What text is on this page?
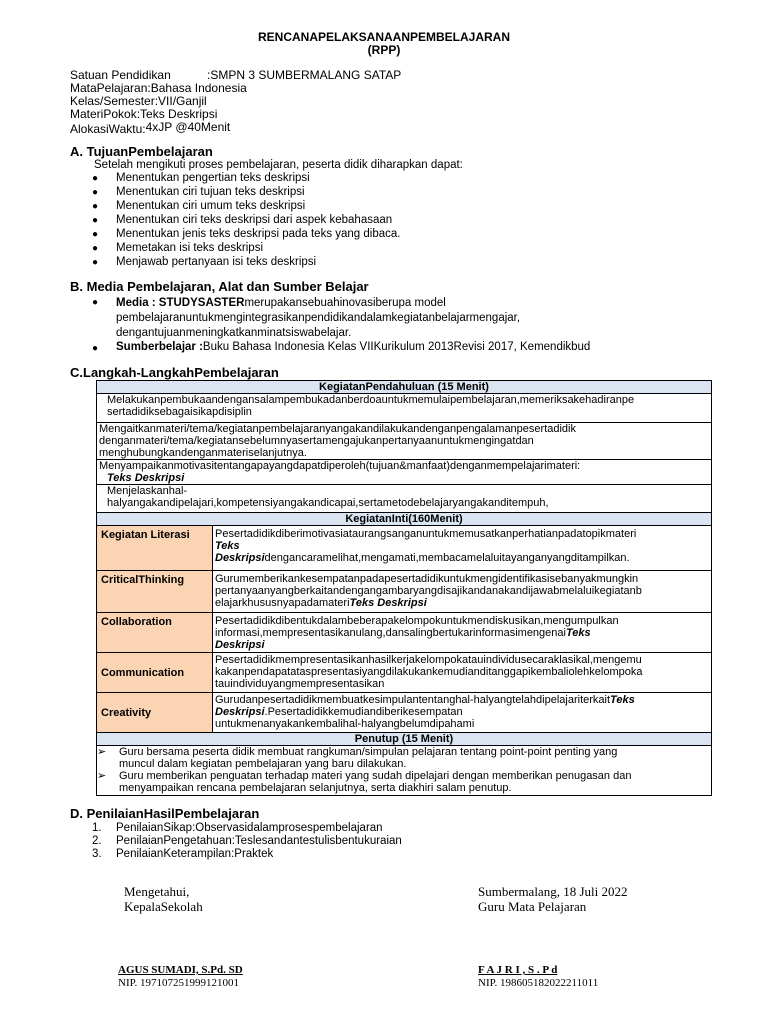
RENCANAPELAKSANAANPEMBELAJARAN
(RPP)
Satuan Pendidikan	:SMPN 3 SUMBERMALANG SATAP
MataPelajaran:Bahasa Indonesia
Kelas/Semester:VII/Ganjil
MateriPokok:Teks Deskripsi
AlokasiWaktu:4xJP @40Menit
A. TujuanPembelajaran
Setelah mengikuti proses pembelajaran, peserta didik diharapkan dapat:
● Menentukan pengertian teks deskripsi
● Menentukan ciri tujuan teks deskripsi
● Menentukan ciri umum teks deskripsi
● Menentukan ciri teks deskripsi dari aspek kebahasaan
● Menentukan jenis teks deskripsi pada teks yang dibaca.
● Memetakan isi teks deskripsi
● Menjawab pertanyaan isi teks deskripsi
B. Media Pembelajaran, Alat dan Sumber Belajar
● Media : STUDYSASTERmerupakansebuahinovasiberupa model
pembelajaranuntukmengintegrasikanpendidikandalamkegiatanbelajarmengajar,
dengantujuanmeningkatkanminatsiswabelajar.
● Sumberbelajar :Buku Bahasa Indonesia Kelas VIIKurikulum 2013Revisi 2017, Kemendikbud
C.Langkah-LangkahPembelajaran
KegiatanPendahuluan (15 Menit)	

Melakukanpembukaandengansalampembukadanberdoauntukmemulaipembelajaran,memeriksakehadiranpe
sertadidiksebagaisikapdisiplin	

Mengaitkanmateri/tema/kegiatanpembelajaranyangakandilakukandenganpengalamanpesertadidik
denganmateri/tema/kegiatansebelumnyasertamengajukanpertanyaanuntukmengingatdan
menghubungkandenganmateriselanjutnya.	

Menyampaikanmotivasitentangapayangdapatdiperoleh(tujuan&manfaat)denganmempelajarimateri:
Teks Deskripsi	

Menjelaskanhal-
halyangakandipelajari,kompetensiyangakandicapai,sertametodebelajaryangakanditempuh,	

KegiatanInti(160Menit)	
Kegiatan Literasi	Pesertadidikdiberimotivasiataurangsanganuntukmemusatkanperhatianpadatopikmateri
Teks
Deskripsidengancaramelihat,mengamati,membacamelaluitayanganyangditampilkan.

CriticalThinking	Gurumemberikankesempatanpadapesertadidikuntukmengidentifikasisebanyakmungkin
pertanyaanyangberkaitandengangambaryangdisajikandanakandijawabmelaluikegiatanb
elajarkhususnyapadamateriTeks Deskripsi

Collaboration	Pesertadidikdibentukdalambeberapakelompokuntukmendiskusikan,mengumpulkan
informasi,mempresentasikanulang,dansalingbertukarinformasimengenaiTeks
Deskripsi

Communication	Pesertadidikmempresentasikanhasilkerjakelompokatauindividusecaraklasikal,mengemu
kakanpendapatataspresentasiyangdilakukankemudianditanggapikembaliolehkelompoka
tauindividuyangmempresentasikan

Creativity	Gurudanpesertadidikmembuatkesimpulantentanghal-halyangtelahdipelajariterkaitTeks
Deskripsi.Pesertadidikkemudiandiberikesempatan
untukmenanyakankembalihal-halyangbelumdipahami

Penutup (15 Menit)	

➢ Guru bersama peserta didik membuat rangkuman/simpulan pelajaran tentang point-point penting yang
muncul dalam kegiatan pembelajaran yang baru dilakukan.
➢ Guru memberikan penguatan terhadap materi yang sudah dipelajari dengan memberikan penugasan dan
menyampaikan rencana pembelajaran selanjutnya, serta diakhiri salam penutup.	
D. PenilaianHasilPembelajaran
1. PenilaianSikap:Observasidalamprosespembelajaran
2. PenilaianPengetahuan:Teslesandantestulisbentukuraian
3. PenilaianKeterampilan:Praktek
Mengetahui,
KepalaSekolah
Sumbermalang, 18 Juli 2022
Guru Mata Pelajaran
AGUS SUMADI, S.Pd. SD
NIP. 197107251999121001
F A J R I , S . P d
NIP. 198605182022211011
